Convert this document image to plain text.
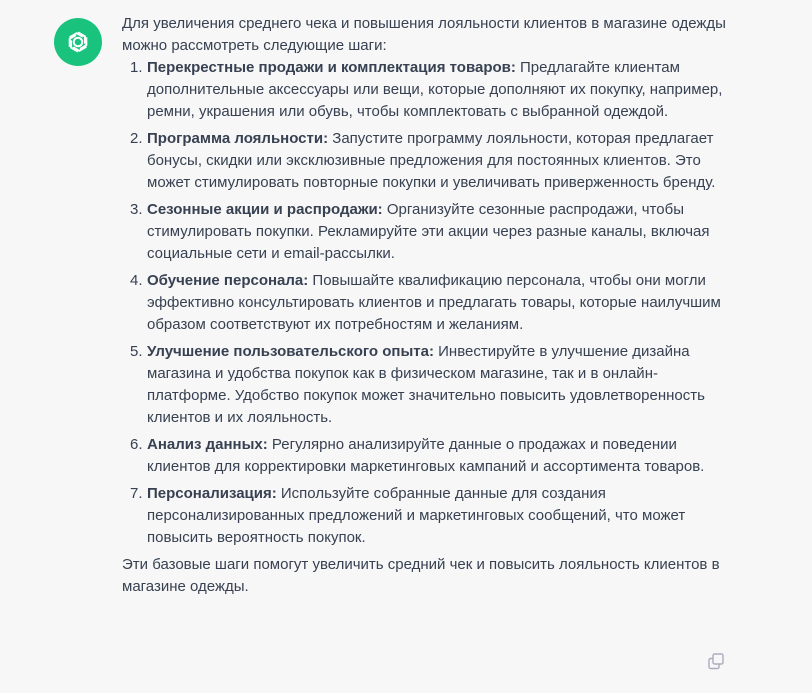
Для увеличения среднего чека и повышения лояльности клиентов в магазине одежды можно рассмотреть следующие шаги:

1. Перекрестные продажи и комплектация товаров: Предлагайте клиентам дополнительные аксессуары или вещи, которые дополняют их покупку, например, ремни, украшения или обувь, чтобы комплектовать с выбранной одеждой.
2. Программа лояльности: Запустите программу лояльности, которая предлагает бонусы, скидки или эксклюзивные предложения для постоянных клиентов. Это может стимулировать повторные покупки и увеличивать приверженность бренду.
3. Сезонные акции и распродажи: Организуйте сезонные распродажи, чтобы стимулировать покупки. Рекламируйте эти акции через разные каналы, включая социальные сети и email-рассылки.
4. Обучение персонала: Повышайте квалификацию персонала, чтобы они могли эффективно консультировать клиентов и предлагать товары, которые наилучшим образом соответствуют их потребностям и желаниям.
5. Улучшение пользовательского опыта: Инвестируйте в улучшение дизайна магазина и удобства покупок как в физическом магазине, так и в онлайн-платформе. Удобство покупок может значительно повысить удовлетворенность клиентов и их лояльность.
6. Анализ данных: Регулярно анализируйте данные о продажах и поведении клиентов для корректировки маркетинговых кампаний и ассортимента товаров.
7. Персонализация: Используйте собранные данные для создания персонализированных предложений и маркетинговых сообщений, что может повысить вероятность покупок.

Эти базовые шаги помогут увеличить средний чек и повысить лояльность клиентов в магазине одежды.
